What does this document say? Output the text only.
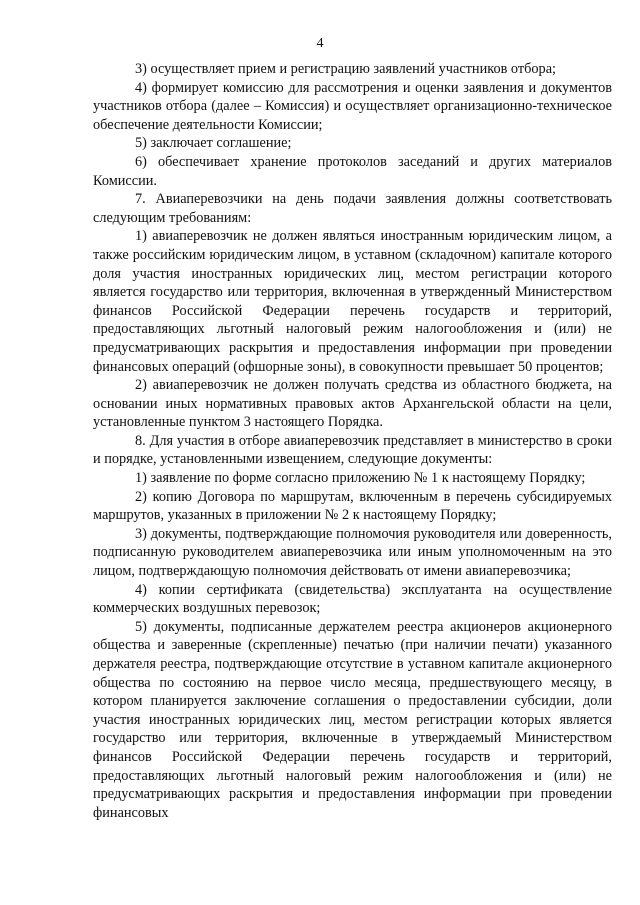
4

3) осуществляет прием и регистрацию заявлений участников отбора;

4) формирует комиссию для рассмотрения и оценки заявления и документов участников отбора (далее – Комиссия) и осуществляет организационно-техническое обеспечение деятельности Комиссии;

5) заключает соглашение;

6) обеспечивает хранение протоколов заседаний и других материалов Комиссии.

7. Авиаперевозчики на день подачи заявления должны соответствовать следующим требованиям:

1) авиаперевозчик не должен являться иностранным юридическим лицом, а также российским юридическим лицом, в уставном (складочном) капитале которого доля участия иностранных юридических лиц, местом регистрации которого является государство или территория, включенная в утвержденный Министерством финансов Российской Федерации перечень государств и территорий, предоставляющих льготный налоговый режим налогообложения и (или) не предусматривающих раскрытия и предоставления информации при проведении финансовых операций (офшорные зоны), в совокупности превышает 50 процентов;

2) авиаперевозчик не должен получать средства из областного бюджета, на основании иных нормативных правовых актов Архангельской области на цели, установленные пунктом 3 настоящего Порядка.

8. Для участия в отборе авиаперевозчик представляет в министерство в сроки и порядке, установленными извещением, следующие документы:

1) заявление по форме согласно приложению № 1 к настоящему Порядку;

2) копию Договора по маршрутам, включенным в перечень субсидируемых маршрутов, указанных в приложении № 2 к настоящему Порядку;

3) документы, подтверждающие полномочия руководителя или доверенность, подписанную руководителем авиаперевозчика или иным уполномоченным на это лицом, подтверждающую полномочия действовать от имени авиаперевозчика;

4) копии сертификата (свидетельства) эксплуатанта на осуществление коммерческих воздушных перевозок;

5) документы, подписанные держателем реестра акционеров акционерного общества и заверенные (скрепленные) печатью (при наличии печати) указанного держателя реестра, подтверждающие отсутствие в уставном капитале акционерного общества по состоянию на первое число месяца, предшествующего месяцу, в котором планируется заключение соглашения о предоставлении субсидии, доли участия иностранных юридических лиц, местом регистрации которых является государство или территория, включенные в утверждаемый Министерством финансов Российской Федерации перечень государств и территорий, предоставляющих льготный налоговый режим налогообложения и (или) не предусматривающих раскрытия и предоставления информации при проведении финансовых
